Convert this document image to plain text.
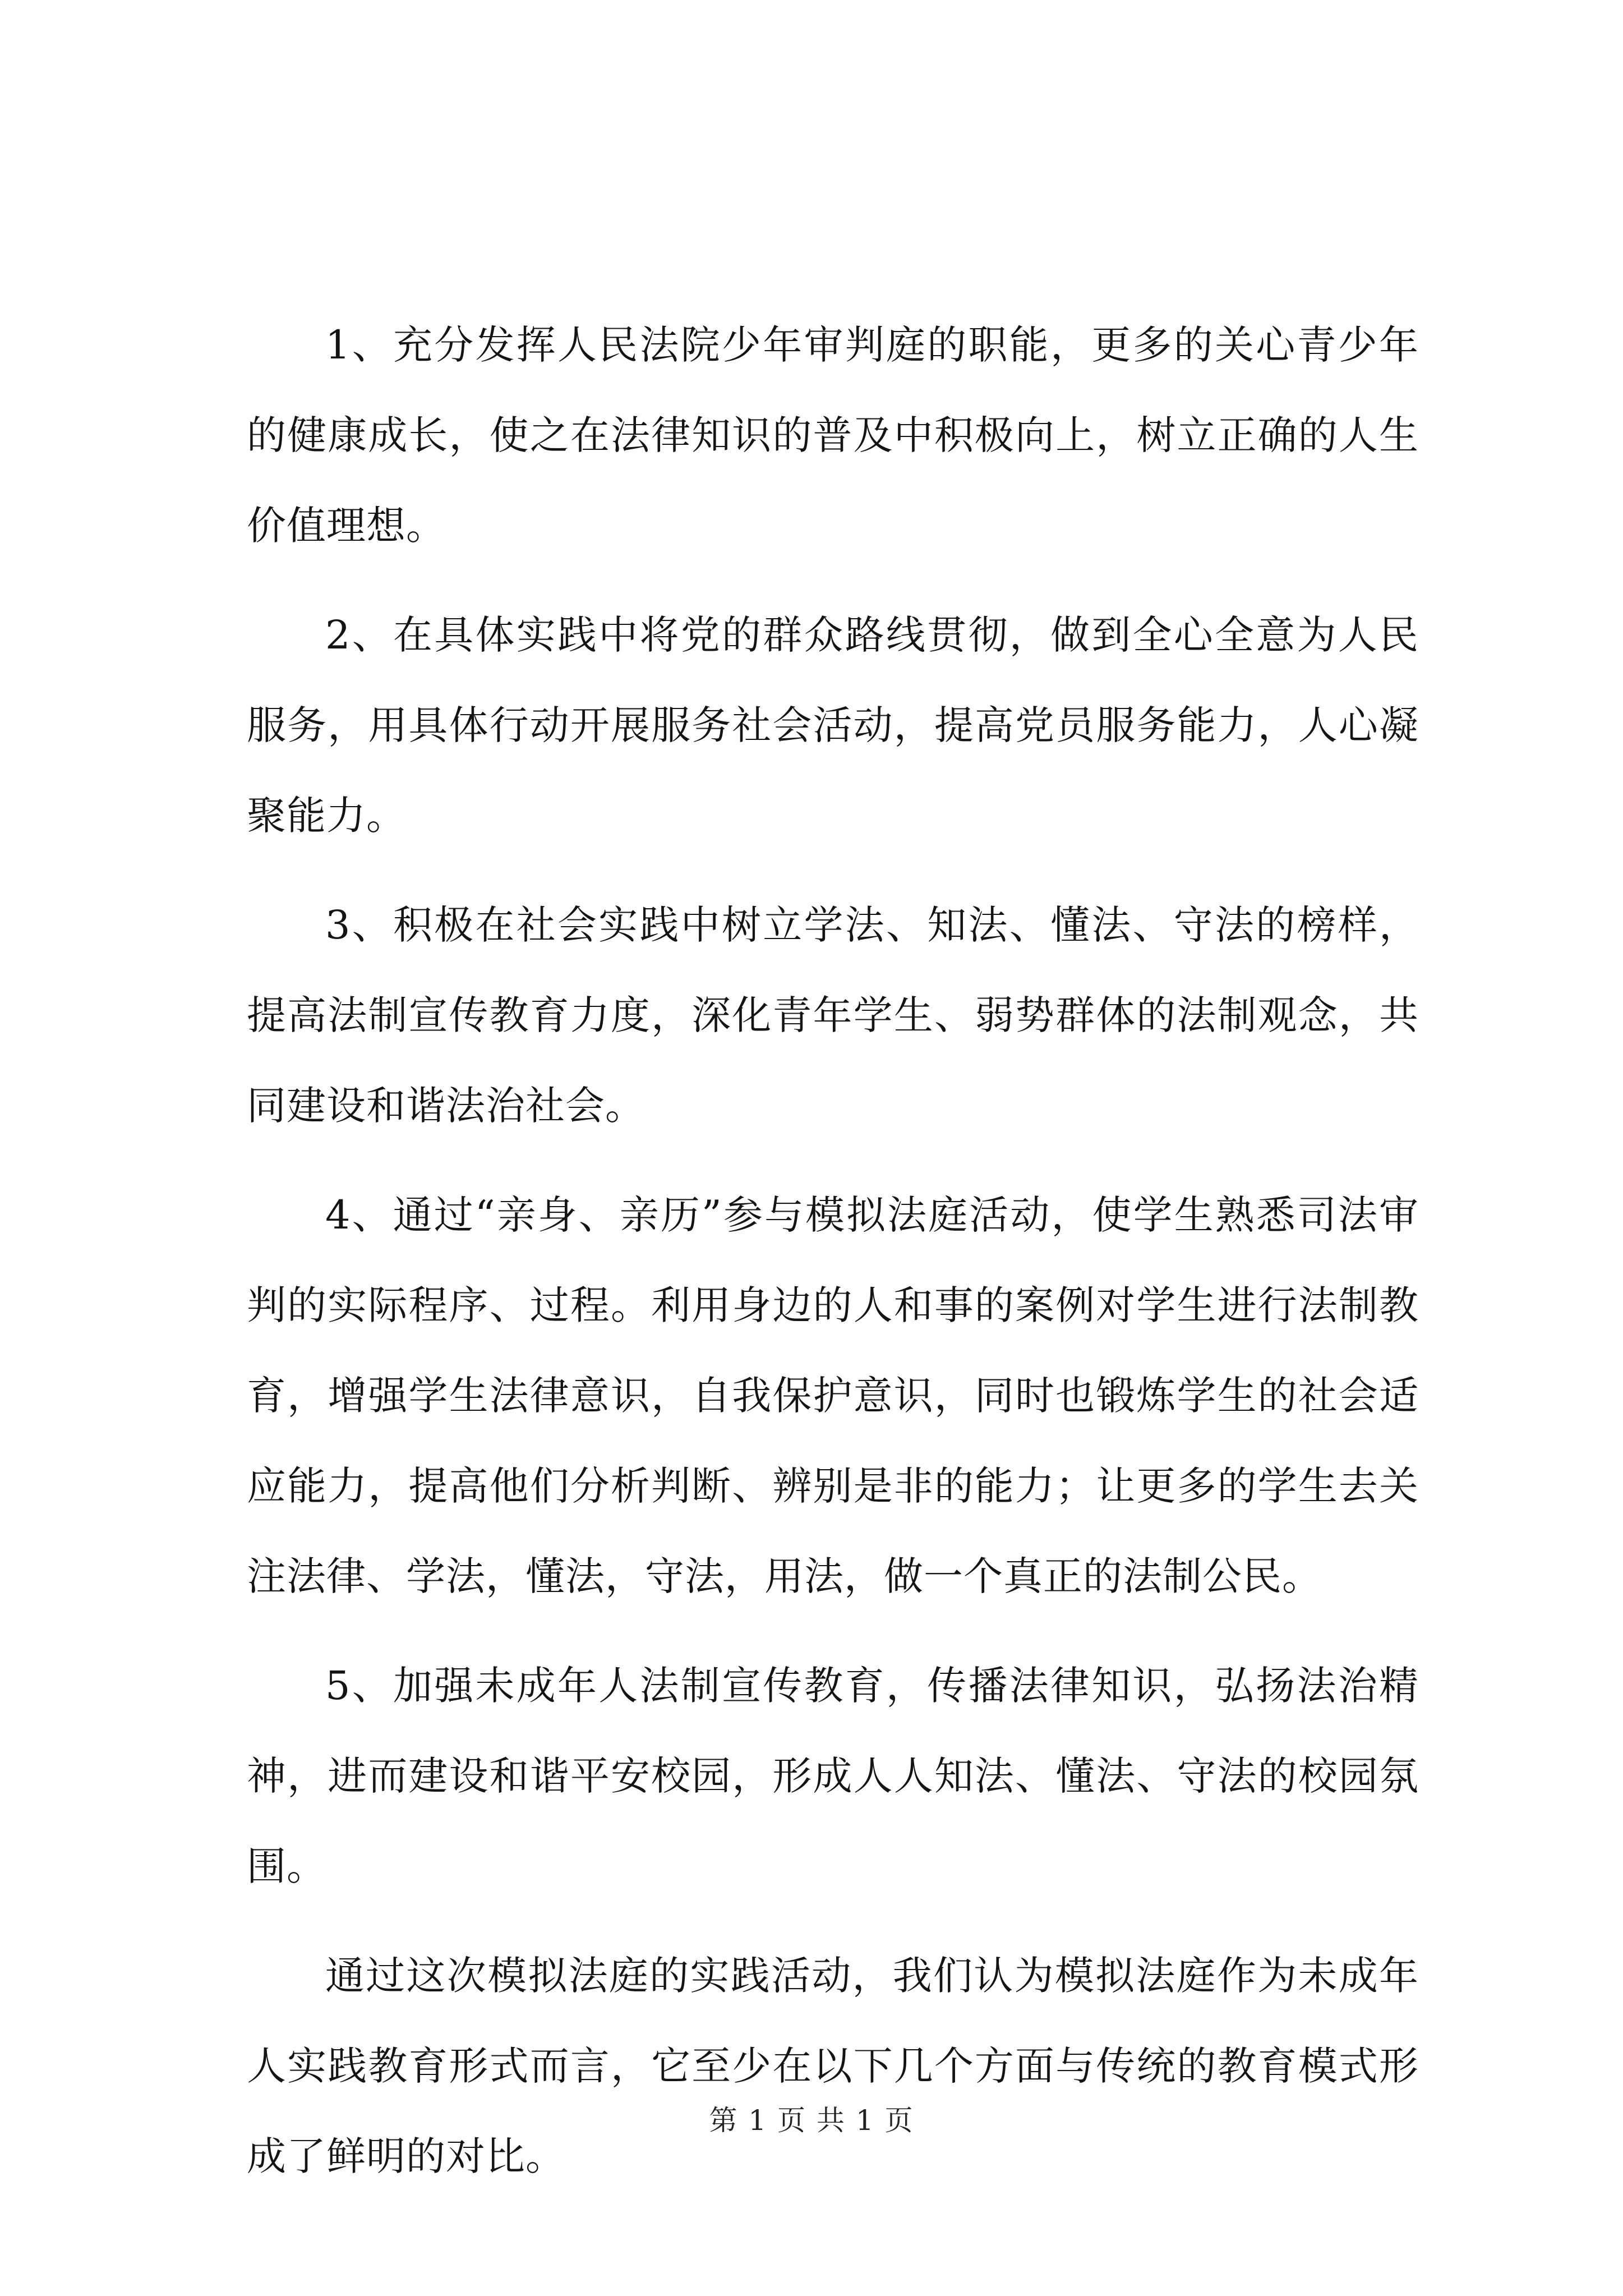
1、充分发挥人民法院少年审判庭的职能，更多的关心青少年的健康成长，使之在法律知识的普及中积极向上，树立正确的人生价值理想。

2、在具体实践中将党的群众路线贯彻，做到全心全意为人民服务，用具体行动开展服务社会活动，提高党员服务能力，人心凝聚能力。

3、积极在社会实践中树立学法、知法、懂法、守法的榜样，提高法制宣传教育力度，深化青年学生、弱势群体的法制观念，共同建设和谐法治社会。

4、通过“亲身、亲历”参与模拟法庭活动，使学生熟悉司法审判的实际程序、过程。利用身边的人和事的案例对学生进行法制教育，增强学生法律意识，自我保护意识，同时也锻炼学生的社会适应能力，提高他们分析判断、辨别是非的能力；让更多的学生去关注法律、学法，懂法，守法，用法，做一个真正的法制公民。

5、加强未成年人法制宣传教育，传播法律知识，弘扬法治精神，进而建设和谐平安校园，形成人人知法、懂法、守法的校园氛围。

通过这次模拟法庭的实践活动，我们认为模拟法庭作为未成年人实践教育形式而言，它至少在以下几个方面与传统的教育模式形成了鲜明的对比。

第 1 页 共 1 页
